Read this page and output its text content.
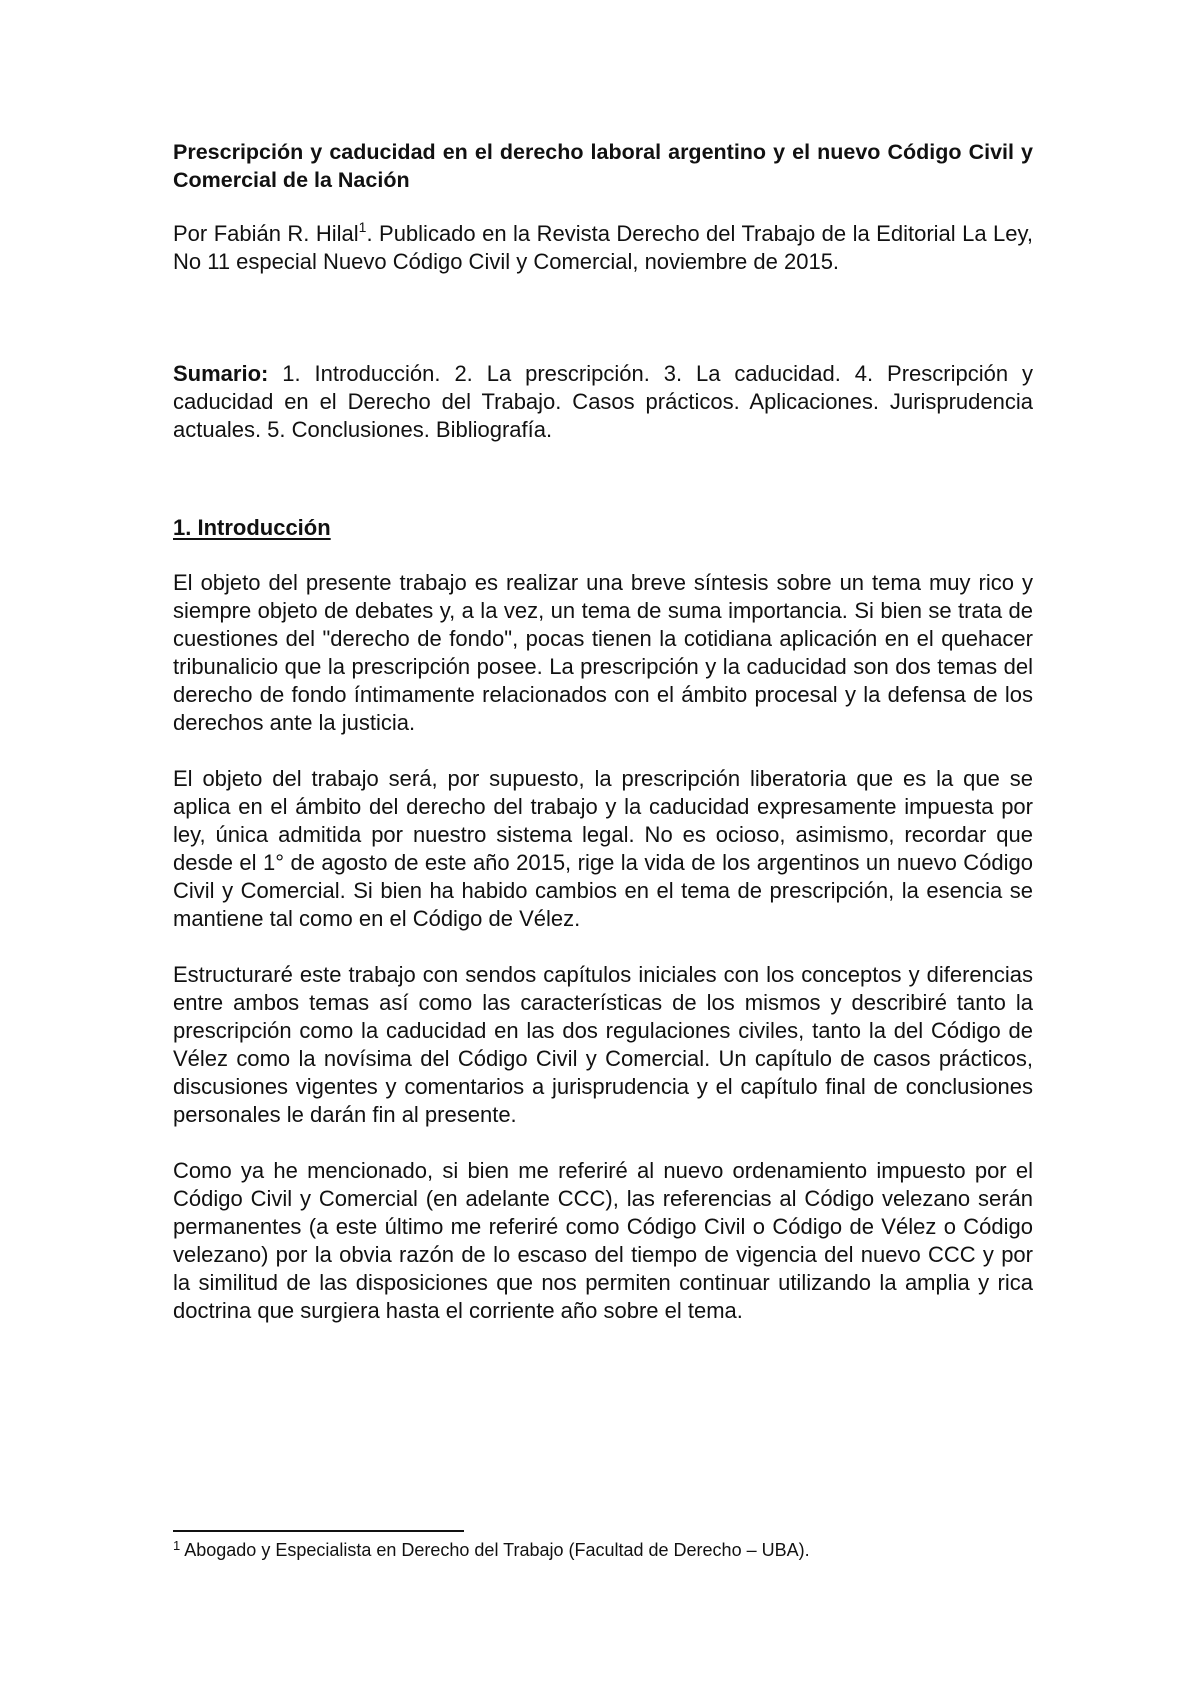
Prescripción y caducidad en el derecho laboral argentino y el nuevo Código Civil y Comercial de la Nación

Por Fabián R. Hilal$^1$. Publicado en la Revista Derecho del Trabajo de la Editorial La Ley, No 11 especial Nuevo Código Civil y Comercial, noviembre de 2015.

Sumario: 1. Introducción. 2. La prescripción. 3. La caducidad. 4. Prescripción y caducidad en el Derecho del Trabajo. Casos prácticos. Aplicaciones. Jurisprudencia actuales. 5. Conclusiones. Bibliografía.

1. Introducción

El objeto del presente trabajo es realizar una breve síntesis sobre un tema muy rico y siempre objeto de debates y, a la vez, un tema de suma importancia. Si bien se trata de cuestiones del "derecho de fondo", pocas tienen la cotidiana aplicación en el quehacer tribunalicio que la prescripción posee. La prescripción y la caducidad son dos temas del derecho de fondo íntimamente relacionados con el ámbito procesal y la defensa de los derechos ante la justicia.

El objeto del trabajo será, por supuesto, la prescripción liberatoria que es la que se aplica en el ámbito del derecho del trabajo y la caducidad expresamente impuesta por ley, única admitida por nuestro sistema legal. No es ocioso, asimismo, recordar que desde el 1° de agosto de este año 2015, rige la vida de los argentinos un nuevo Código Civil y Comercial. Si bien ha habido cambios en el tema de prescripción, la esencia se mantiene tal como en el Código de Vélez.

Estructuraré este trabajo con sendos capítulos iniciales con los conceptos y diferencias entre ambos temas así como las características de los mismos y describiré tanto la prescripción como la caducidad en las dos regulaciones civiles, tanto la del Código de Vélez como la novísima del Código Civil y Comercial. Un capítulo de casos prácticos, discusiones vigentes y comentarios a jurisprudencia y el capítulo final de conclusiones personales le darán fin al presente.

Como ya he mencionado, si bien me referiré al nuevo ordenamiento impuesto por el Código Civil y Comercial (en adelante CCC), las referencias al Código velezano serán permanentes (a este último me referiré como Código Civil o Código de Vélez o Código velezano) por la obvia razón de lo escaso del tiempo de vigencia del nuevo CCC y por la similitud de las disposiciones que nos permiten continuar utilizando la amplia y rica doctrina que surgiera hasta el corriente año sobre el tema.

$^1$ Abogado y Especialista en Derecho del Trabajo (Facultad de Derecho – UBA).
